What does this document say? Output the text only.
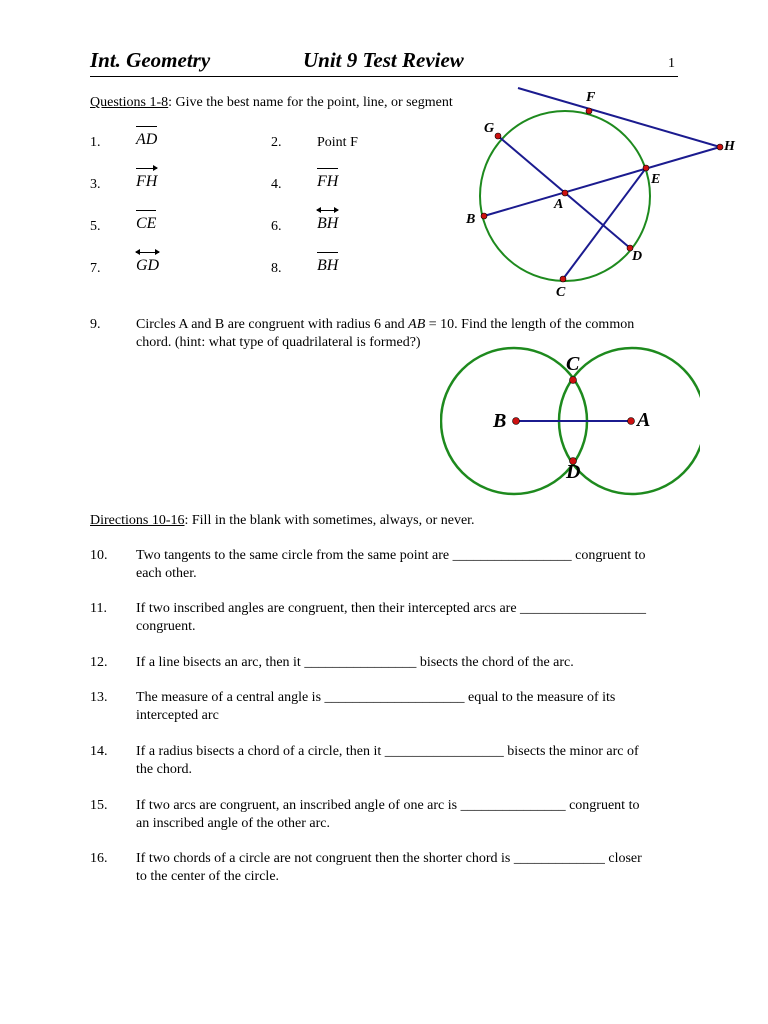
Int. Geometry	Unit 9 Test Review	1
Questions 1-8: Give the best name for the point, line, or segment
1.	AD	2.	Point F
3.	FH	4.	FH
5.	CE	6.	BH
7.	GD	8.	BH
F
G
H
E
A
B
D
C
9.	Circles A and B are congruent with radius 6 and AB = 10. Find the length of the common
chord. (hint: what type of quadrilateral is formed?)
C
B	A
D
Directions 10-16: Fill in the blank with sometimes, always, or never.
10.	Two tangents to the same circle from the same point are _________________ congruent to
each other.
11.	If two inscribed angles are congruent, then their intercepted arcs are __________________
congruent.
12.	If a line bisects an arc, then it ________________ bisects the chord of the arc.
13.	The measure of a central angle is ____________________ equal to the measure of its
intercepted arc
14.	If a radius bisects a chord of a circle, then it _________________ bisects the minor arc of
the chord.
15.	If two arcs are congruent, an inscribed angle of one arc is _______________ congruent to
an inscribed angle of the other arc.
16.	If two chords of a circle are not congruent then the shorter chord is _____________ closer
to the center of the circle.
